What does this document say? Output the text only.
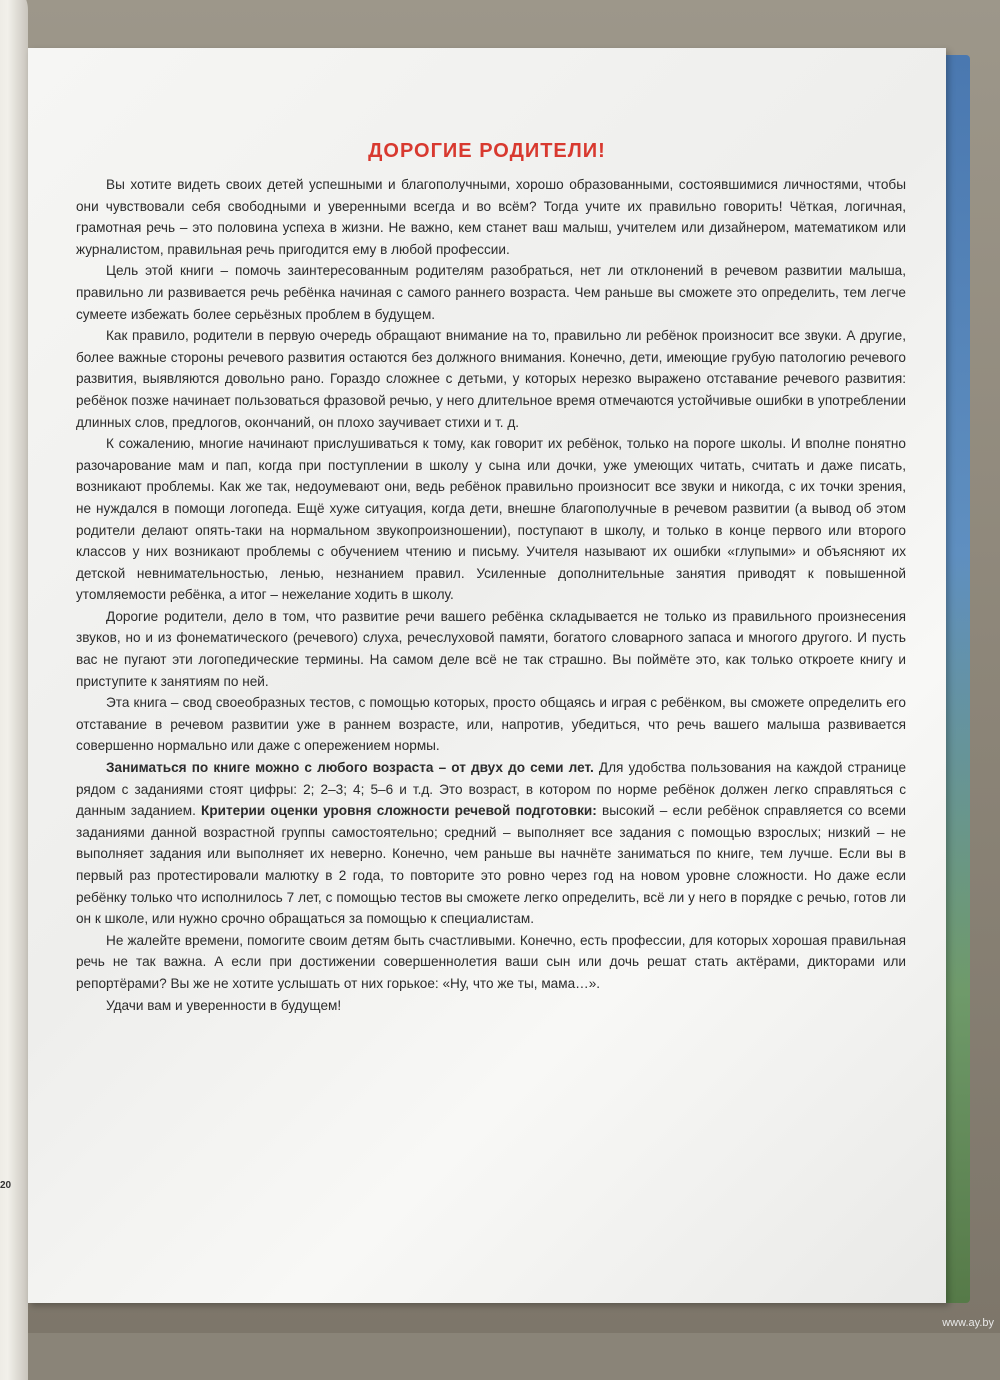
ДОРОГИЕ РОДИТЕЛИ!

Вы хотите видеть своих детей успешными и благополучными, хорошо образованными, состоявшимися личностями, чтобы они чувствовали себя свободными и уверенными всегда и во всём? Тогда учите их правильно говорить! Чёткая, логичная, грамотная речь – это половина успеха в жизни. Не важно, кем станет ваш малыш, учителем или дизайнером, математиком или журналистом, правильная речь пригодится ему в любой профессии.

Цель этой книги – помочь заинтересованным родителям разобраться, нет ли отклонений в речевом развитии малыша, правильно ли развивается речь ребёнка начиная с самого раннего возраста. Чем раньше вы сможете это определить, тем легче сумеете избежать более серьёзных проблем в будущем.

Как правило, родители в первую очередь обращают внимание на то, правильно ли ребёнок произносит все звуки. А другие, более важные стороны речевого развития остаются без должного внимания. Конечно, дети, имеющие грубую патологию речевого развития, выявляются довольно рано. Гораздо сложнее с детьми, у которых нерезко выражено отставание речевого развития: ребёнок позже начинает пользоваться фразовой речью, у него длительное время отмечаются устойчивые ошибки в употреблении длинных слов, предлогов, окончаний, он плохо заучивает стихи и т. д.

К сожалению, многие начинают прислушиваться к тому, как говорит их ребёнок, только на пороге школы. И вполне понятно разочарование мам и пап, когда при поступлении в школу у сына или дочки, уже умеющих читать, считать и даже писать, возникают проблемы. Как же так, недоумевают они, ведь ребёнок правильно произносит все звуки и никогда, с их точки зрения, не нуждался в помощи логопеда. Ещё хуже ситуация, когда дети, внешне благополучные в речевом развитии (а вывод об этом родители делают опять-таки на нормальном звукопроизношении), поступают в школу, и только в конце первого или второго классов у них возникают проблемы с обучением чтению и письму. Учителя называют их ошибки «глупыми» и объясняют их детской невнимательностью, ленью, незнанием правил. Усиленные дополнительные занятия приводят к повышенной утомляемости ребёнка, а итог – нежелание ходить в школу.

Дорогие родители, дело в том, что развитие речи вашего ребёнка складывается не только из правильного произнесения звуков, но и из фонематического (речевого) слуха, речеслуховой памяти, богатого словарного запаса и многого другого. И пусть вас не пугают эти логопедические термины. На самом деле всё не так страшно. Вы поймёте это, как только откроете книгу и приступите к занятиям по ней.

Эта книга – свод своеобразных тестов, с помощью которых, просто общаясь и играя с ребёнком, вы сможете определить его отставание в речевом развитии уже в раннем возрасте, или, напротив, убедиться, что речь вашего малыша развивается совершенно нормально или даже с опережением нормы.

Заниматься по книге можно с любого возраста – от двух до семи лет. Для удобства пользования на каждой странице рядом с заданиями стоят цифры: 2; 2–3; 4; 5–6 и т.д. Это возраст, в котором по норме ребёнок должен легко справляться с данным заданием. Критерии оценки уровня сложности речевой подготовки: высокий – если ребёнок справляется со всеми заданиями данной возрастной группы самостоятельно; средний – выполняет все задания с помощью взрослых; низкий – не выполняет задания или выполняет их неверно. Конечно, чем раньше вы начнёте заниматься по книге, тем лучше. Если вы в первый раз протестировали малютку в 2 года, то повторите это ровно через год на новом уровне сложности. Но даже если ребёнку только что исполнилось 7 лет, с помощью тестов вы сможете легко определить, всё ли у него в порядке с речью, готов ли он к школе, или нужно срочно обращаться за помощью к специалистам.

Не жалейте времени, помогите своим детям быть счастливыми. Конечно, есть профессии, для которых хорошая правильная речь не так важна. А если при достижении совершеннолетия ваши сын или дочь решат стать актёрами, дикторами или репортёрами? Вы же не хотите услышать от них горькое: «Ну, что же ты, мама…».

Удачи вам и уверенности в будущем!

20
www.ay.by
